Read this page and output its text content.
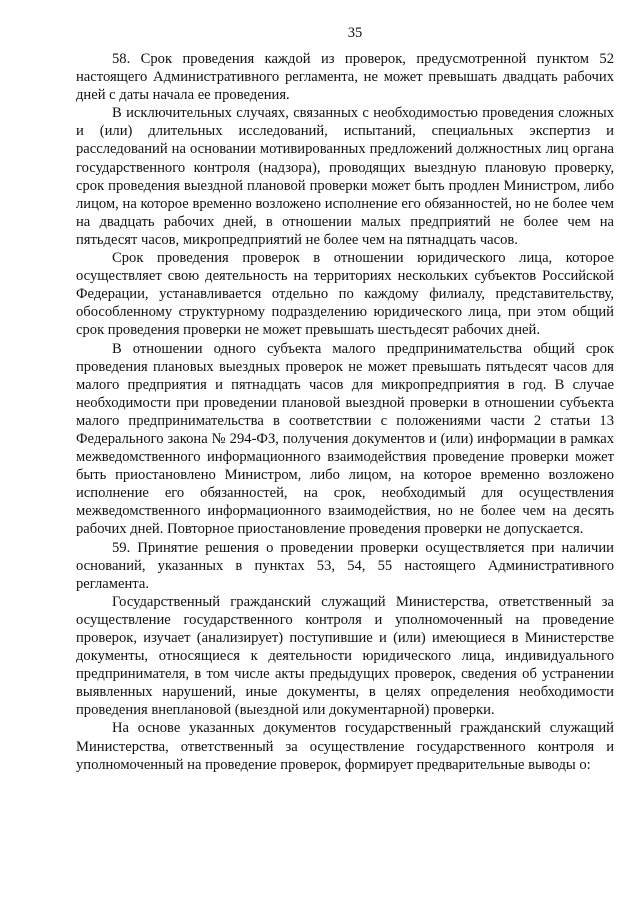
35

58. Срок проведения каждой из проверок, предусмотренной пунктом 52 настоящего Административного регламента, не может превышать двадцать рабочих дней с даты начала ее проведения.

В исключительных случаях, связанных с необходимостью проведения сложных и (или) длительных исследований, испытаний, специальных экспертиз и расследований на основании мотивированных предложений должностных лиц органа государственного контроля (надзора), проводящих выездную плановую проверку, срок проведения выездной плановой проверки может быть продлен Министром, либо лицом, на которое временно возложено исполнение его обязанностей, но не более чем на двадцать рабочих дней, в отношении малых предприятий не более чем на пятьдесят часов, микропредприятий не более чем на пятнадцать часов.

Срок проведения проверок в отношении юридического лица, которое осуществляет свою деятельность на территориях нескольких субъектов Российской Федерации, устанавливается отдельно по каждому филиалу, представительству, обособленному структурному подразделению юридического лица, при этом общий срок проведения проверки не может превышать шестьдесят рабочих дней.

В отношении одного субъекта малого предпринимательства общий срок проведения плановых выездных проверок не может превышать пятьдесят часов для малого предприятия и пятнадцать часов для микропредприятия в год. В случае необходимости при проведении плановой выездной проверки в отношении субъекта малого предпринимательства в соответствии с положениями части 2 статьи 13 Федерального закона № 294-ФЗ, получения документов и (или) информации в рамках межведомственного информационного взаимодействия проведение проверки может быть приостановлено Министром, либо лицом, на которое временно возложено исполнение его обязанностей, на срок, необходимый для осуществления межведомственного информационного взаимодействия, но не более чем на десять рабочих дней. Повторное приостановление проведения проверки не допускается.

59. Принятие решения о проведении проверки осуществляется при наличии оснований, указанных в пунктах 53, 54, 55 настоящего Административного регламента.

Государственный гражданский служащий Министерства, ответственный за осуществление государственного контроля и уполномоченный на проведение проверок, изучает (анализирует) поступившие и (или) имеющиеся в Министерстве документы, относящиеся к деятельности юридического лица, индивидуального предпринимателя, в том числе акты предыдущих проверок, сведения об устранении выявленных нарушений, иные документы, в целях определения необходимости проведения внеплановой (выездной или документарной) проверки.

На основе указанных документов государственный гражданский служащий Министерства, ответственный за осуществление государственного контроля и уполномоченный на проведение проверок, формирует предварительные выводы о:
